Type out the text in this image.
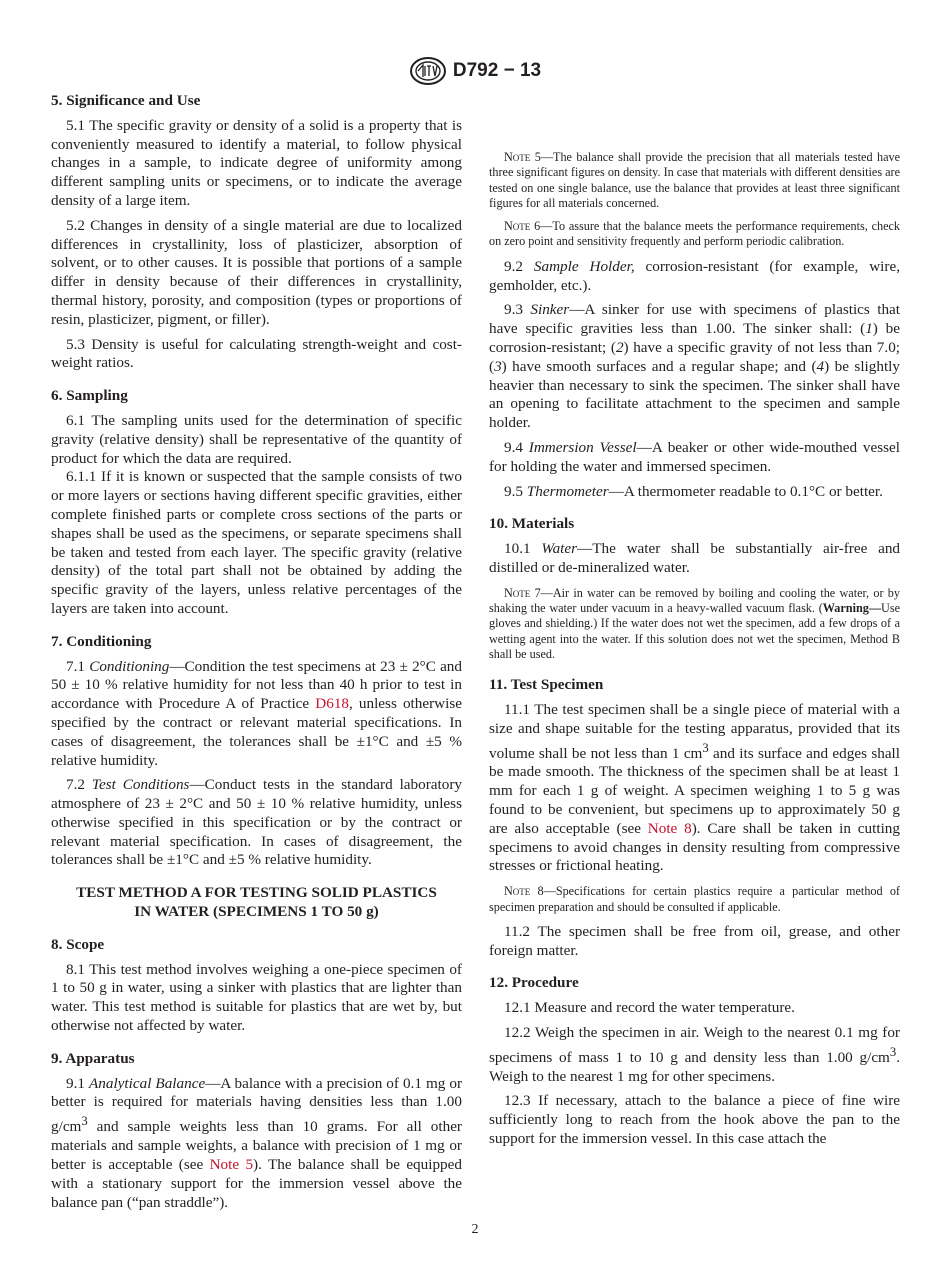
D792 − 13
5. Significance and Use
5.1 The specific gravity or density of a solid is a property that is conveniently measured to identify a material, to follow physical changes in a sample, to indicate degree of uniformity among different sampling units or specimens, or to indicate the average density of a large item.
5.2 Changes in density of a single material are due to localized differences in crystallinity, loss of plasticizer, absorption of solvent, or to other causes. It is possible that portions of a sample differ in density because of their differences in crystallinity, thermal history, porosity, and composition (types or proportions of resin, plasticizer, pigment, or filler).
5.3 Density is useful for calculating strength-weight and cost-weight ratios.
6. Sampling
6.1 The sampling units used for the determination of specific gravity (relative density) shall be representative of the quantity of product for which the data are required.
6.1.1 If it is known or suspected that the sample consists of two or more layers or sections having different specific gravities, either complete finished parts or complete cross sections of the parts or shapes shall be used as the specimens, or separate specimens shall be taken and tested from each layer. The specific gravity (relative density) of the total part shall not be obtained by adding the specific gravity of the layers, unless relative percentages of the layers are taken into account.
7. Conditioning
7.1 Conditioning—Condition the test specimens at 23 ± 2°C and 50 ± 10 % relative humidity for not less than 40 h prior to test in accordance with Procedure A of Practice D618, unless otherwise specified by the contract or relevant material specifications. In cases of disagreement, the tolerances shall be ±1°C and ±5 % relative humidity.
7.2 Test Conditions—Conduct tests in the standard laboratory atmosphere of 23 ± 2°C and 50 ± 10 % relative humidity, unless otherwise specified in this specification or by the contract or relevant material specification. In cases of disagreement, the tolerances shall be ±1°C and ±5 % relative humidity.
TEST METHOD A FOR TESTING SOLID PLASTICS
IN WATER (SPECIMENS 1 TO 50 g)
8. Scope
8.1 This test method involves weighing a one-piece specimen of 1 to 50 g in water, using a sinker with plastics that are lighter than water. This test method is suitable for plastics that are wet by, but otherwise not affected by water.
9. Apparatus
9.1 Analytical Balance—A balance with a precision of 0.1 mg or better is required for materials having densities less than 1.00 $g/cm^3$ and sample weights less than 10 grams. For all other materials and sample weights, a balance with precision of 1 mg or better is acceptable (see Note 5). The balance shall be equipped with a stationary support for the immersion vessel above the balance pan (“pan straddle”).
Note 5—The balance shall provide the precision that all materials tested have three significant figures on density. In case that materials with different densities are tested on one single balance, use the balance that provides at least three significant figures for all materials concerned.
Note 6—To assure that the balance meets the performance requirements, check on zero point and sensitivity frequently and perform periodic calibration.
9.2 Sample Holder, corrosion-resistant (for example, wire, gemholder, etc.).
9.3 Sinker—A sinker for use with specimens of plastics that have specific gravities less than 1.00. The sinker shall: (1) be corrosion-resistant; (2) have a specific gravity of not less than 7.0; (3) have smooth surfaces and a regular shape; and (4) be slightly heavier than necessary to sink the specimen. The sinker shall have an opening to facilitate attachment to the specimen and sample holder.
9.4 Immersion Vessel—A beaker or other wide-mouthed vessel for holding the water and immersed specimen.
9.5 Thermometer—A thermometer readable to 0.1°C or better.
10. Materials
10.1 Water—The water shall be substantially air-free and distilled or de-mineralized water.
Note 7—Air in water can be removed by boiling and cooling the water, or by shaking the water under vacuum in a heavy-walled vacuum flask. (Warning—Use gloves and shielding.) If the water does not wet the specimen, add a few drops of a wetting agent into the water. If this solution does not wet the specimen, Method B shall be used.
11. Test Specimen
11.1 The test specimen shall be a single piece of material with a size and shape suitable for the testing apparatus, provided that its volume shall be not less than 1 $cm^3$ and its surface and edges shall be made smooth. The thickness of the specimen shall be at least 1 mm for each 1 g of weight. A specimen weighing 1 to 5 g was found to be convenient, but specimens up to approximately 50 g are also acceptable (see Note 8). Care shall be taken in cutting specimens to avoid changes in density resulting from compressive stresses or frictional heating.
Note 8—Specifications for certain plastics require a particular method of specimen preparation and should be consulted if applicable.
11.2 The specimen shall be free from oil, grease, and other foreign matter.
12. Procedure
12.1 Measure and record the water temperature.
12.2 Weigh the specimen in air. Weigh to the nearest 0.1 mg for specimens of mass 1 to 10 g and density less than 1.00 $g/cm^3$. Weigh to the nearest 1 mg for other specimens.
12.3 If necessary, attach to the balance a piece of fine wire sufficiently long to reach from the hook above the pan to the support for the immersion vessel. In this case attach the
2
